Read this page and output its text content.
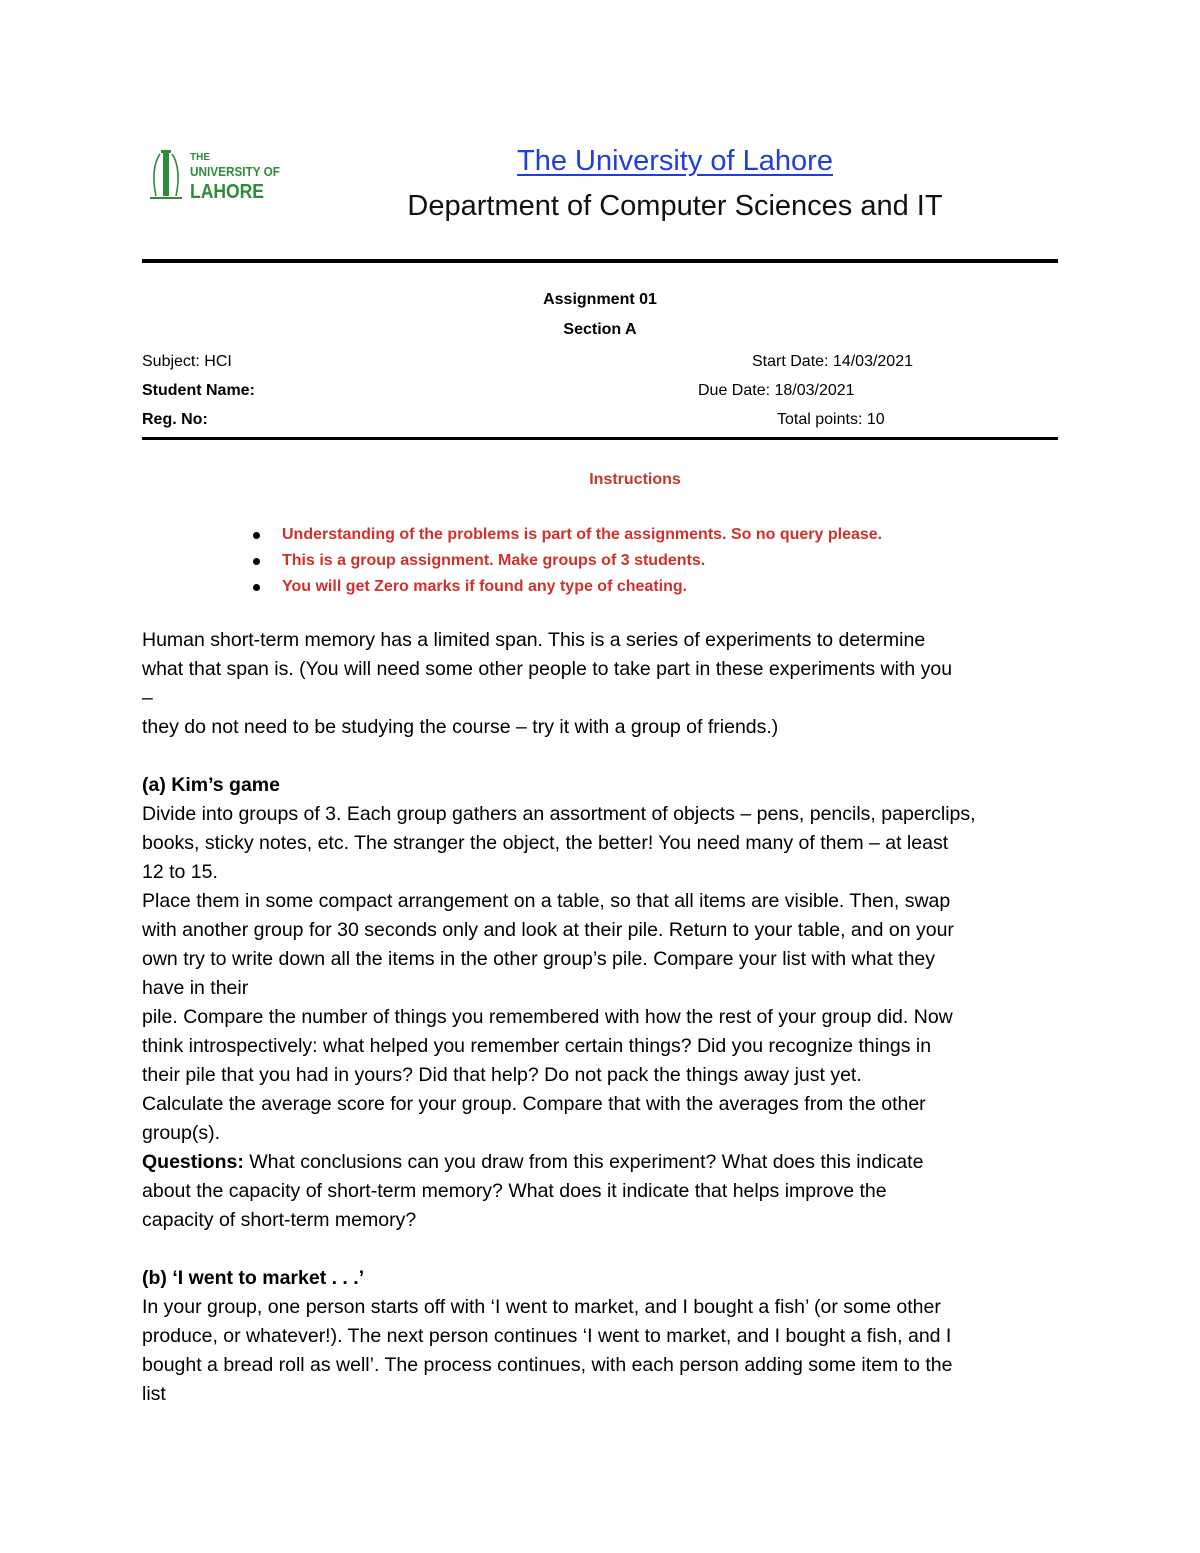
THE
UNIVERSITY OF
LAHORE
The University of Lahore
Department of Computer Sciences and IT
Assignment 01
Section A
Subject: HCI	Start Date: 14/03/2021
Student Name:	Due Date: 18/03/2021
Reg. No:	Total points: 10
Instructions
Understanding of the problems is part of the assignments. So no query please.
This is a group assignment. Make groups of 3 students.
You will get Zero marks if found any type of cheating.

Human short-term memory has a limited span. This is a series of experiments to determine

what that span is. (You will need some other people to take part in these experiments with you

–

they do not need to be studying the course – try it with a group of friends.)

(a) Kim’s game

Divide into groups of 3. Each group gathers an assortment of objects – pens, pencils, paperclips,

books, sticky notes, etc. The stranger the object, the better! You need many of them – at least

12 to 15.

Place them in some compact arrangement on a table, so that all items are visible. Then, swap

with another group for 30 seconds only and look at their pile. Return to your table, and on your

own try to write down all the items in the other group’s pile. Compare your list with what they

have in their

pile. Compare the number of things you remembered with how the rest of your group did. Now

think introspectively: what helped you remember certain things? Did you recognize things in

their pile that you had in yours? Did that help? Do not pack the things away just yet.

Calculate the average score for your group. Compare that with the averages from the other

group(s).

Questions: What conclusions can you draw from this experiment? What does this indicate

about the capacity of short-term memory? What does it indicate that helps improve the

capacity of short-term memory?

(b) ‘I went to market . . .’

In your group, one person starts off with ‘I went to market, and I bought a fish’ (or some other

produce, or whatever!). The next person continues ‘I went to market, and I bought a fish, and I

bought a bread roll as well’. The process continues, with each person adding some item to the

list
